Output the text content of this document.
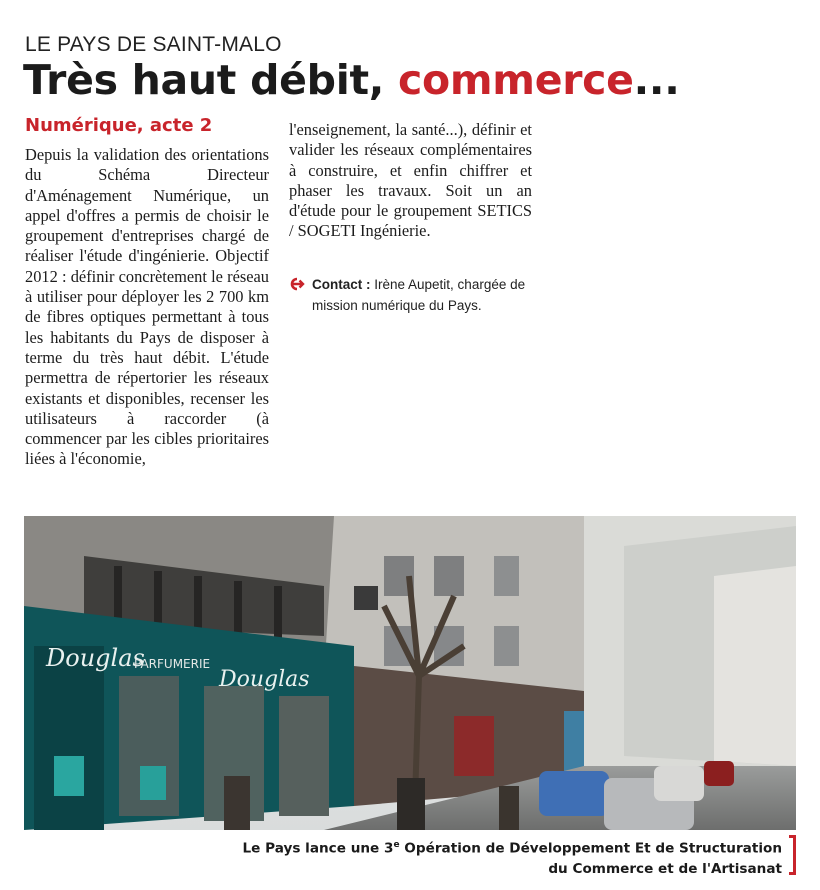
LE PAYS DE SAINT-MALO
Très haut débit, commerce...
Numérique, acte 2
Depuis la validation des orientations du Schéma Directeur d'Aménagement Numérique, un appel d'offres a permis de choisir le groupement d'entreprises chargé de réaliser l'étude d'ingénierie. Objectif 2012 : définir concrètement le réseau à utiliser pour déployer les 2 700 km de fibres optiques permettant à tous les habitants du Pays de disposer à terme du très haut débit. L'étude permettra de répertorier les réseaux existants et disponibles, recenser les utilisateurs à raccorder (à commencer par les cibles prioritaires liées à l'économie,
l'enseignement, la santé...), définir et valider les réseaux complémentaires à construire, et enfin chiffrer et phaser les travaux. Soit un an d'étude pour le groupement SETICS / SOGETI Ingénierie.
Contact : Irène Aupetit, chargée de mission numérique du Pays.
Douglas
PARFUMERIE
Douglas
Le Pays lance une 3e Opération de Développement Et de Structuration
du Commerce et de l'Artisanat
